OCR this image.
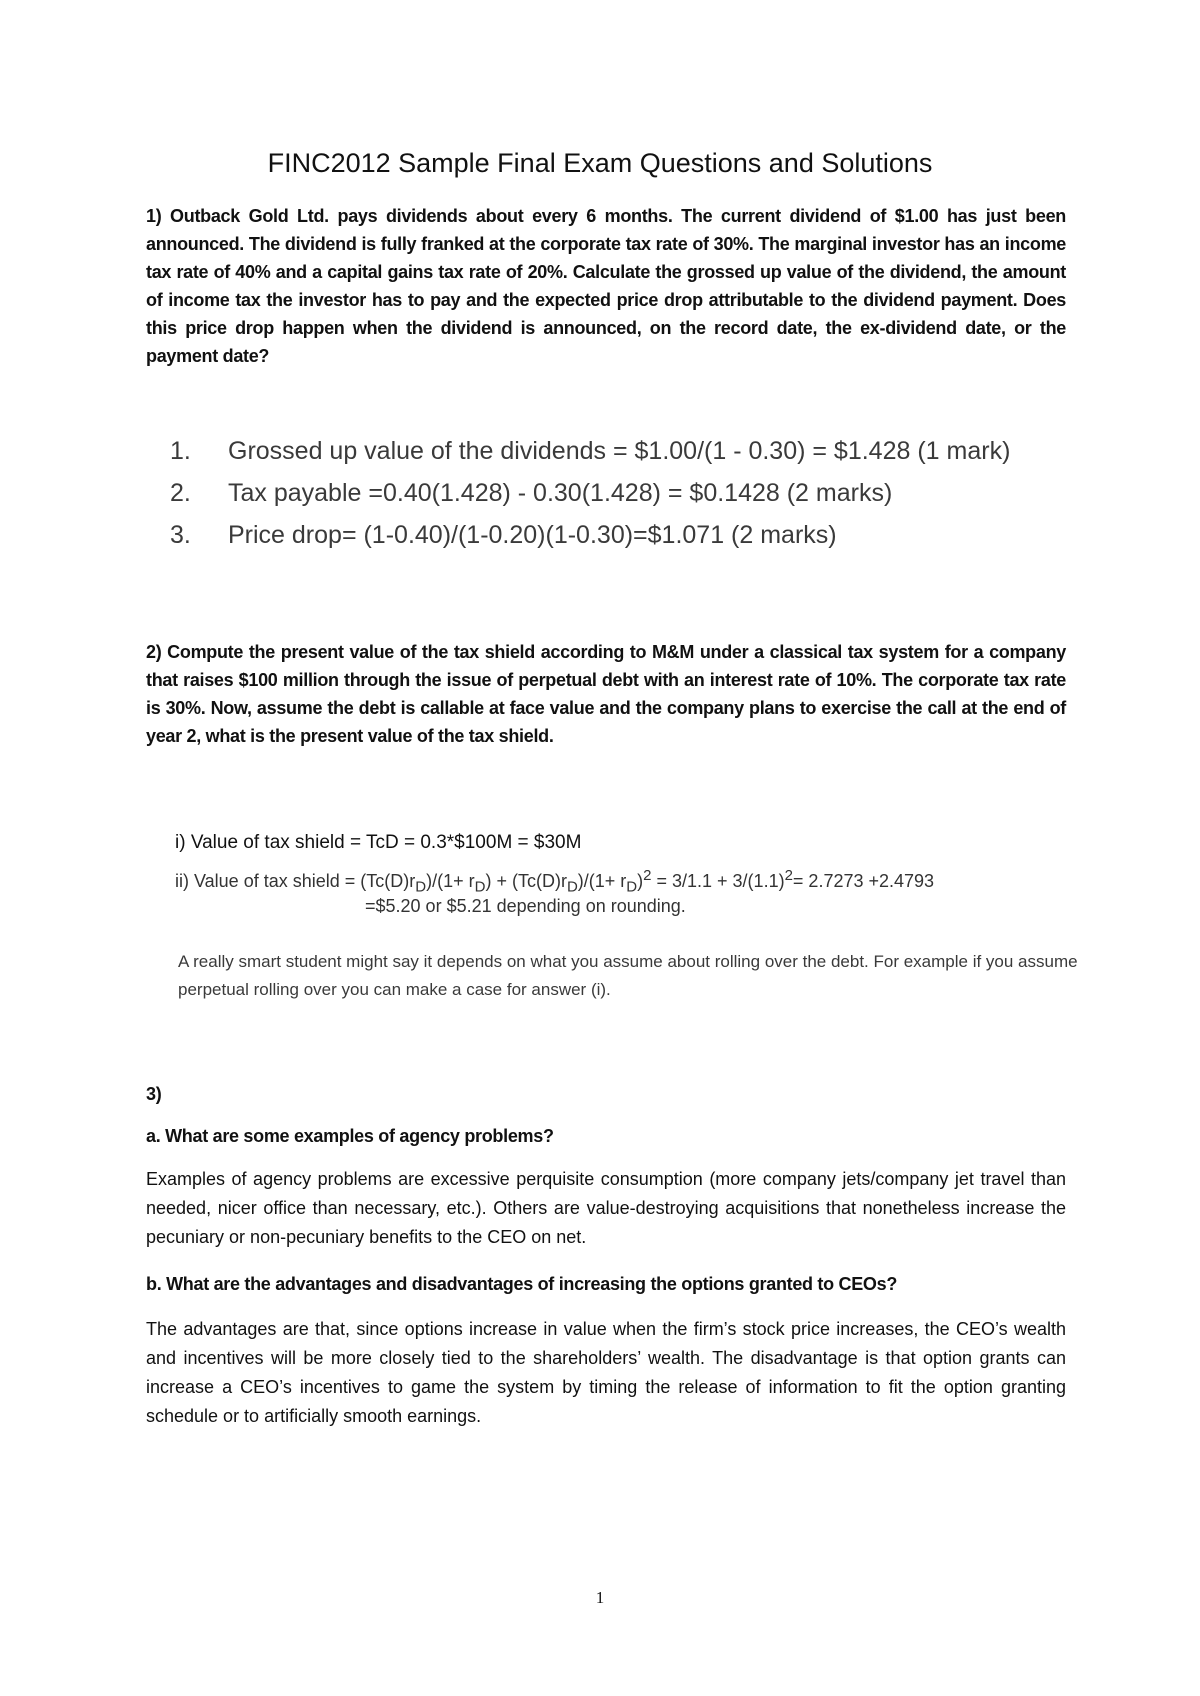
FINC2012 Sample Final Exam Questions and Solutions
1) Outback Gold Ltd. pays dividends about every 6 months. The current dividend of $1.00 has just been announced. The dividend is fully franked at the corporate tax rate of 30%. The marginal investor has an income tax rate of 40% and a capital gains tax rate of 20%. Calculate the grossed up value of the dividend, the amount of income tax the investor has to pay and the expected price drop attributable to the dividend payment. Does this price drop happen when the dividend is announced, on the record date, the ex-dividend date, or the payment date?
1. Grossed up value of the dividends = $1.00/(1 - 0.30) = $1.428 (1 mark)
2. Tax payable =0.40(1.428) - 0.30(1.428) = $0.1428 (2 marks)
3. Price drop= (1-0.40)/(1-0.20)(1-0.30)=$1.071 (2 marks)
2) Compute the present value of the tax shield according to M&M under a classical tax system for a company that raises $100 million through the issue of perpetual debt with an interest rate of 10%. The corporate tax rate is 30%. Now, assume the debt is callable at face value and the company plans to exercise the call at the end of year 2, what is the present value of the tax shield.
i) Value of tax shield = TcD = 0.3*$100M = $30M
ii) Value of tax shield = $(Tc(D)r_D)/(1+ r_D) + (Tc(D)r_D)/(1+ r_D)^2 = 3/1.1 + 3/(1.1)^2= 2.7273 +2.4793$
=$5.20 or $5.21 depending on rounding.
A really smart student might say it depends on what you assume about rolling over the debt. For example if you assume perpetual rolling over you can make a case for answer (i).
3)
a. What are some examples of agency problems?
Examples of agency problems are excessive perquisite consumption (more company jets/company jet travel than needed, nicer office than necessary, etc.). Others are value-destroying acquisitions that nonetheless increase the pecuniary or non-pecuniary benefits to the CEO on net.
b. What are the advantages and disadvantages of increasing the options granted to CEOs?
The advantages are that, since options increase in value when the firm’s stock price increases, the CEO’s wealth and incentives will be more closely tied to the shareholders’ wealth. The disadvantage is that option grants can increase a CEO’s incentives to game the system by timing the release of information to fit the option granting schedule or to artificially smooth earnings.
1
